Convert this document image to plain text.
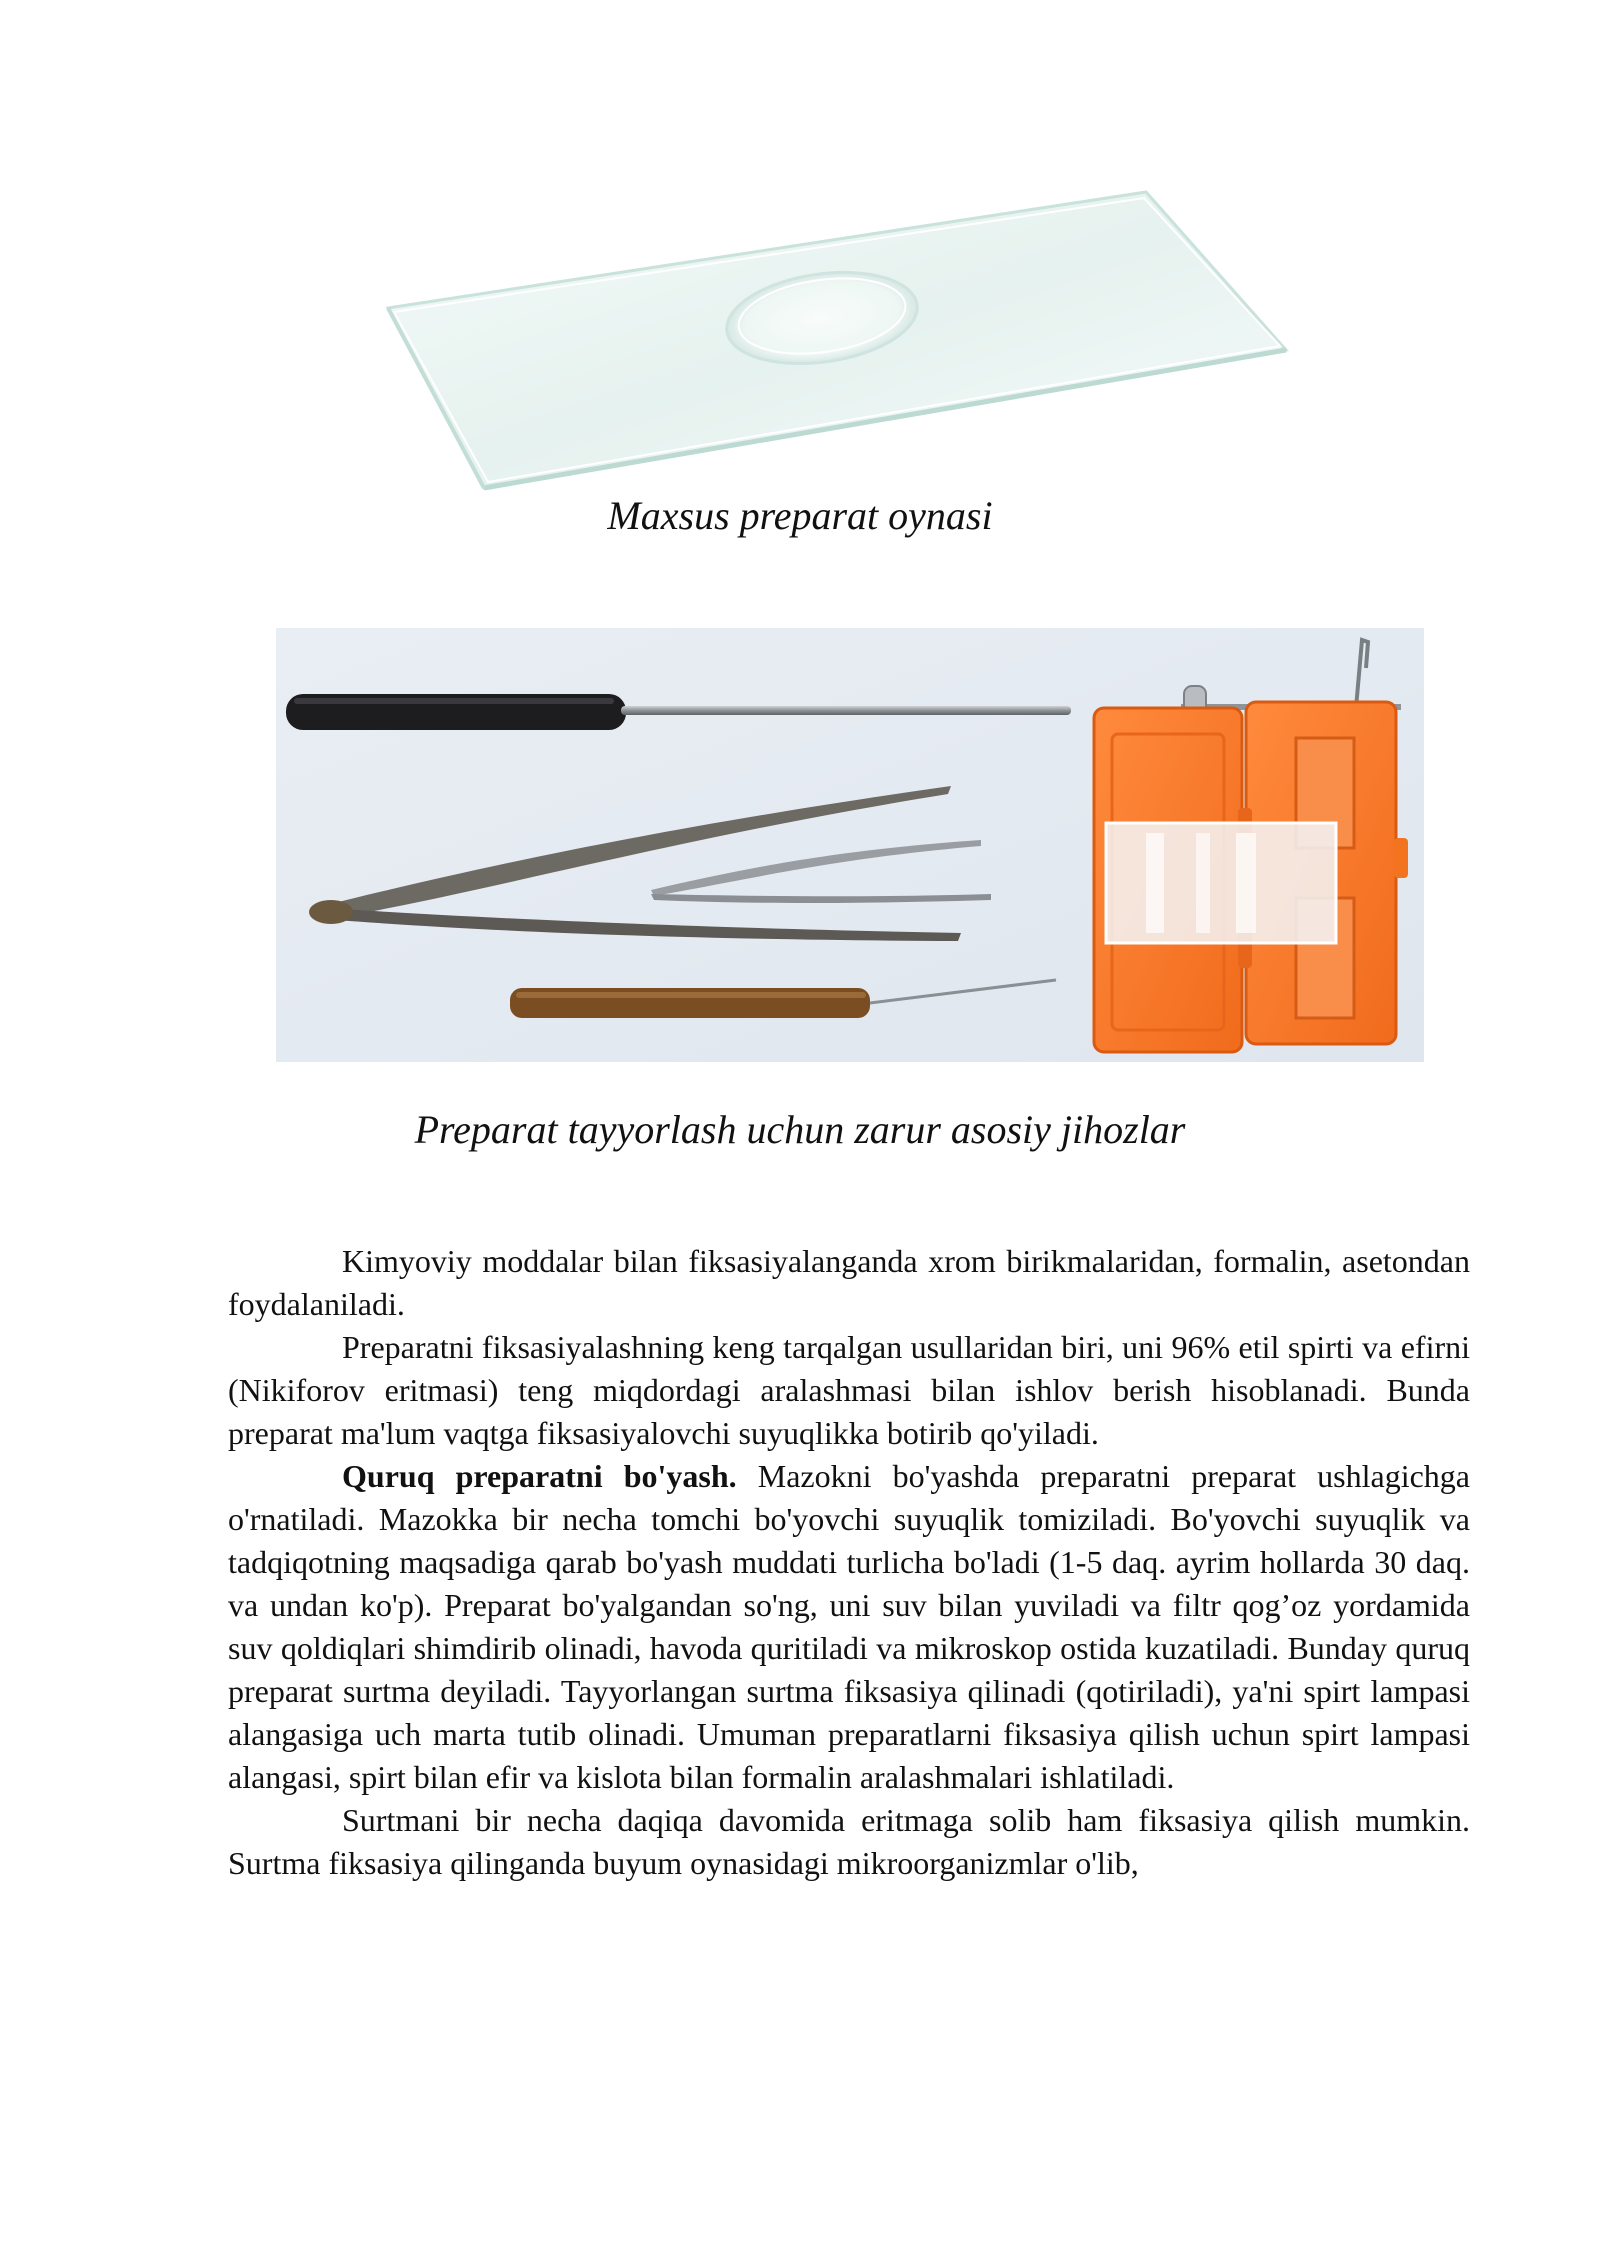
Maxsus preparat oynasi
Preparat tayyorlash uchun zarur asosiy jihozlar

Kimyoviy moddalar bilan fiksasiyalanganda xrom birikmalaridan, formalin, asetondan foydalaniladi.

Preparatni fiksasiyalashning keng tarqalgan usullaridan biri, uni 96% etil spirti va efirni (Nikiforov eritmasi) teng miqdordagi aralashmasi bilan ishlov berish hisoblanadi. Bunda preparat ma'lum vaqtga fiksasiyalovchi suyuqlikka botirib qo'yiladi.

Quruq preparatni bo'yash. Mazokni bo'yashda preparatni preparat ushlagichga o'rnatiladi. Mazokka bir necha tomchi bo'yovchi suyuqlik tomiziladi. Bo'yovchi suyuqlik va tadqiqotning maqsadiga qarab bo'yash muddati turlicha bo'ladi (1-5 daq. ayrim hollarda 30 daq. va undan ko'p). Preparat bo'yalgandan so'ng, uni suv bilan yuviladi va filtr qog’oz yordamida suv qoldiqlari shimdirib olinadi, havoda quritiladi va mikroskop ostida kuzatiladi. Bunday quruq preparat surtma deyiladi. Tayyorlangan surtma fiksasiya qilinadi (qotiriladi), ya'ni spirt lampasi alangasiga uch marta tutib olinadi. Umuman preparatlarni fiksasiya qilish uchun spirt lampasi alangasi, spirt bilan efir va kislota bilan formalin aralashmalari ishlatiladi.

Surtmani bir necha daqiqa davomida eritmaga solib ham fiksasiya qilish mumkin. Surtma fiksasiya qilinganda buyum oynasidagi mikroorganizmlar o'lib,
